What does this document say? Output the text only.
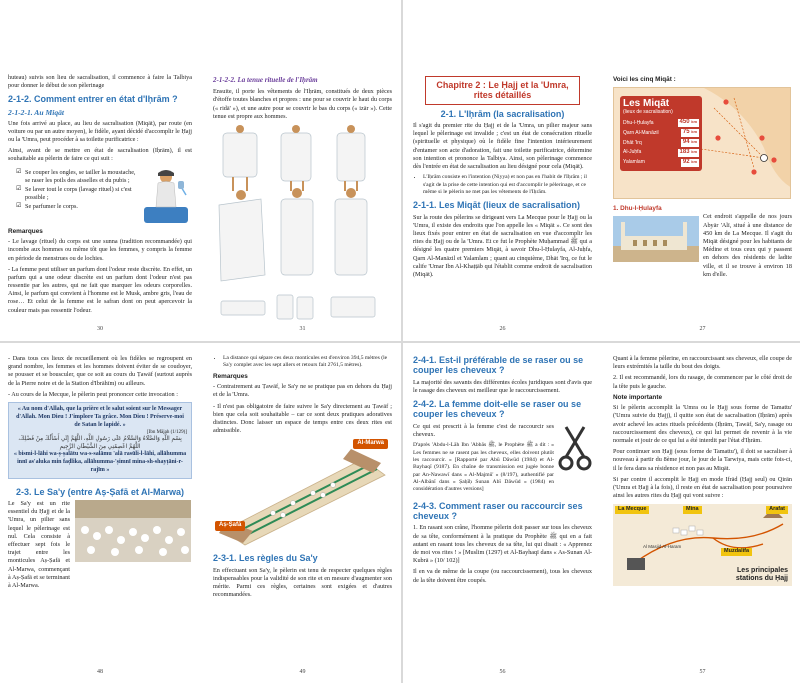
huteau) suivis son lieu de sacralisation, il commence à faire la Talbiya pour donner le début de son pèlerinage

2-1-2. Comment entrer en état d'Iḥrām ?
2-1-2-1. Au Miqāt

Une fois arrivé au place, au lieu de sacralisation (Miqāt), par route (en voiture ou par un autre moyen), le fidèle, ayant décidé d'accomplir le Ḥajj ou la 'Umra, peut procéder à sa toilette purificatrice :

Ainsi, avant de se mettre en état de sacralisation (Iḥrām), il est souhaitable au pèlerin de faire ce qui suit :

☑ Se couper les ongles, se tailler la moustache, se raser les poils des aisselles et du pubis ;
☑ Se laver tout le corps (lavage rituel) si c'est possible ;
☑ Se parfumer le corps.
Remarques

- Le lavage (rituel) du corps est une sunna (tradition recommandée) qui incombe aux hommes ou même tôt que les femmes, y compris la femme en période de menstrues ou de lochies.

- La femme peut utiliser un parfum dont l'odeur reste discrète. En effet, un parfum qui a une odeur discrète est un parfum dont l'odeur n'est pas ressentie par les autres, qui ne fait que marquer les odeurs corporelles. Ainsi, le parfum qui convient à l'homme est le Musk, ambre gris, l'eau de rose… Et celui de la femme est le safran dont on peut apercevoir la couleur mais pas ressentir l'odeur.

30
2-1-2-2. La tenue rituelle de l'Iḥrām

Ensuite, il porte les vêtements de l'Iḥrām, constitués de deux pièces d'étoffe toutes blanches et propres : une pour se couvrir le haut du corps (« ridā' »), et une autre pour se couvrir le bas du corps (« izār »). Cette tenue est propre aux hommes.

31
Chapitre 2 : Le Ḥajj et la 'Umra, rites détaillés
2-1. L'Iḥrām (la sacralisation)

Il s'agit du premier rite du Ḥajj et de la 'Umra, un pilier majeur sans lequel le pèlerinage est invalide ; c'est un état de consécration rituelle (spirituelle et physique) où le fidèle fine l'intention intérieurement d'entamer son acte d'adoration, fait une toilette purificatrice, détermine son intention et prononce la Talbiya. Ainsi, son pèlerinage commence dès l'entrée en état de sacralisation au lieu désigné pour cela (Miqāt).

• L'Iḥrām consiste en l'intention (Niyya) et non pas en l'habit de l'Iḥrām ; il s'agit de la prise de cette intention qui est d'accomplir le pèlerinage, et ce même si le pèlerin ne met pas les vêtements de l'Iḥrām.
2-1-1. Les Miqāt (lieux de sacralisation)

Sur la route des pèlerins se dirigeant vers La Mecque pour le Ḥajj ou la 'Umra, il existe des endroits que l'on appelle les « Miqāt ». Ce sont des lieux fixés pour entrer en état de sacralisation en vue d'accomplir les rites du Ḥajj ou de la 'Umra. Et ce fut le Prophète Muḥammad ﷺ qui a désigné les quatre premiers Miqāt, à savoir Dhu-l-Ḥulayfa, Al-Juḥfa, Qarn Al-Manāzil et Yalamlam ; quant au cinquième, Dhāt 'Irq, ce fut le calife 'Umar Ibn Al-Khaṭṭāb qui l'établit comme endroit de sacralisation (Miqāt).

26
Voici les cinq Miqāt :
Les Miqāt
(lieux de sacralisation)
Dhu-l-Ḥulayfa	450 km
Qarn Al-Manāzil	75 km
Dhāt 'Irq	94 km
Al-Juḥfa	183 km
Yalamlam	92 km
1. Dhu-l-Ḥulayfa

Cet endroit s'appelle de nos jours Abyār 'Alī, situé à une distance de 450 km de La Mecque. Il s'agit du Miqāt désigné pour les habitants de Médine et tous ceux qui y passent en dehors des résidents de ladite ville, et il se trouve à environ 18 km d'elle.

27

- Dans tous ces lieux de recueillement où les fidèles se regroupent en grand nombre, les femmes et les hommes doivent éviter de se coudoyer, se pousser et se bousculer, que ce soit au cours du Ṭawāf (surtout auprès de la Pierre noire et de la Station d'Ibrāhīm) ou ailleurs.

- Au cours de la Mecque, le pèlerin peut prononcer cette invocation :

« Au nom d'Allah, que la prière et le salut soient sur le Messager d'Allah. Mon Dieu ! J'implore Ta grâce. Mon Dieu ! Préserve-moi de Satan le lapidé. »
[Ibn Mājah (1/129)]
بِسْمِ اللَّهِ وَالصَّلَاةُ وَالسَّلَامُ عَلَى رَسُولِ اللَّهِ، اللَّهُمَّ إِنِّي أَسْأَلُكَ مِنْ فَضْلِكَ، اللَّهُمَّ اعْصِمْنِي مِنَ الشَّيْطَانِ الرَّجِيمِ
« bismi-l-lāhi wa-ṣ-ṣalātu wa-s-salāmu 'alā rasūli-l-lāhi, allāhumma innī as'aluka min faḍlika, allāhumma-'ṣimnī mina-sh-shayṭāni-r-rajīm »
2-3. Le Sa'y (entre Aṣ-Ṣafā et Al-Marwa)

Le Sa'y est un rite essentiel du Ḥajj et de la 'Umra, un pilier sans lequel le pèlerinage est nul. Cela consiste à effectuer sept fois le trajet entre les monticules Aṣ-Ṣafā et Al-Marwa, commençant à Aṣ-Ṣafā et se terminant à Al-Marwa.

48
• La distance qui sépare ces deux monticules est d'environ 394,5 mètres (le Sa'y complet avec les sept allers et retours fait 2761,5 mètres).
Remarques

- Contrairement au Ṭawāf, le Sa'y ne se pratique pas en dehors du Ḥajj et de la 'Umra.

- Il n'est pas obligatoire de faire suivre le Sa'y directement au Ṭawāf ; bien que cela soit souhaitable – car ce sont deux pratiques adoratives distinctes. Donc laisser un espace de temps entre ces deux rites est admissible.

Al-Marwa
Aṣ-Ṣafā
2-3-1. Les règles du Sa'y

En effectuant son Sa'y, le pèlerin est tenu de respecter quelques règles indispensables pour la validité de son rite et en mesure d'augmenter son mérite. Parmi ces règles, certaines sont exigées et d'autres recommandées.

49
2-4-1. Est-il préférable de se raser ou se couper les cheveux ?

La majorité des savants des différentes écoles juridiques sont d'avis que le rasage des cheveux est meilleur que le raccourcissement.

2-4-2. La femme doit-elle se raser ou se couper les cheveux ?

Ce qui est prescrit à la femme c'est de raccourcir ses cheveux.

D'après 'Abdu-l-Lāh Ibn 'Abbās ﷺ, le Prophète ﷺ a dit : « Les femmes ne se rasent pas les cheveux, elles doivent plutôt les raccourcir. » [Rapporté par Abū Dāwūd (1984) et Al-Bayhaqī (9187). En chaîne de transmission est jugée bonne par An-Nawawī dans « Al-Majmū' » (8/197), authentifié par Al-Albānī dans « Ṣaḥīḥ Sunan Abī Dāwūd » (1984) en considération d'autres versions]

2-4-3. Comment raser ou raccourcir ses cheveux ?

1. En rasant son crâne, l'homme pèlerin doit passer sur tous les cheveux de sa tête, conformément à la pratique du Prophète ﷺ qui en a fait autant en rasant tous les cheveux de sa tête, lui qui disait : « Apprenez de moi vos rites ! » [Muslim (1297) et Al-Bayhaqī dans « As-Sunan Al-Kubrā » (10/ 102)]

Il en va de même de la coupe (ou raccourcissement), tous les cheveux de la tête doivent être coupés.

56

Quant à la femme pèlerine, en raccourcissant ses cheveux, elle coupe de leurs extrémités la taille du bout des doigts.

2. Il est recommandé, lors du rasage, de commencer par le côté droit de la tête puis le gauche.

Note importante

Si le pèlerin accomplit la 'Umra ou le Ḥajj sous forme de Tamattu' ('Umra suivie du Ḥajj), il quitte son état de sacralisation (Iḥrām) après avoir achevé les actes rituels précédents (Iḥrām, Ṭawāf, Sa'y, rasage ou raccourcissement des cheveux), ce qui lui permet de revenir à la vie normale et jouir de ce qui lui a été interdit par l'état d'Iḥrām.

Pour continuer son Ḥajj (sous forme de Tamattu'), il doit se sacraliser à nouveau à partir du 8ème jour, le jour de la Tarwiya, mais cette fois-ci, il le fera dans sa résidence et non pas au Miqāt.

Si par contre il accomplit le Ḥajj en mode Ifrād (Ḥajj seul) ou Qirān ('Umra et Ḥajj à la fois), il reste en état de sacralisation pour poursuivre ainsi les autres rites du Ḥajj qui vont suivre :

La Mecque	Mina	Arafat
Muzdalifa
Al Masjid Al-Haram
Les principales stations du Ḥajj
57
